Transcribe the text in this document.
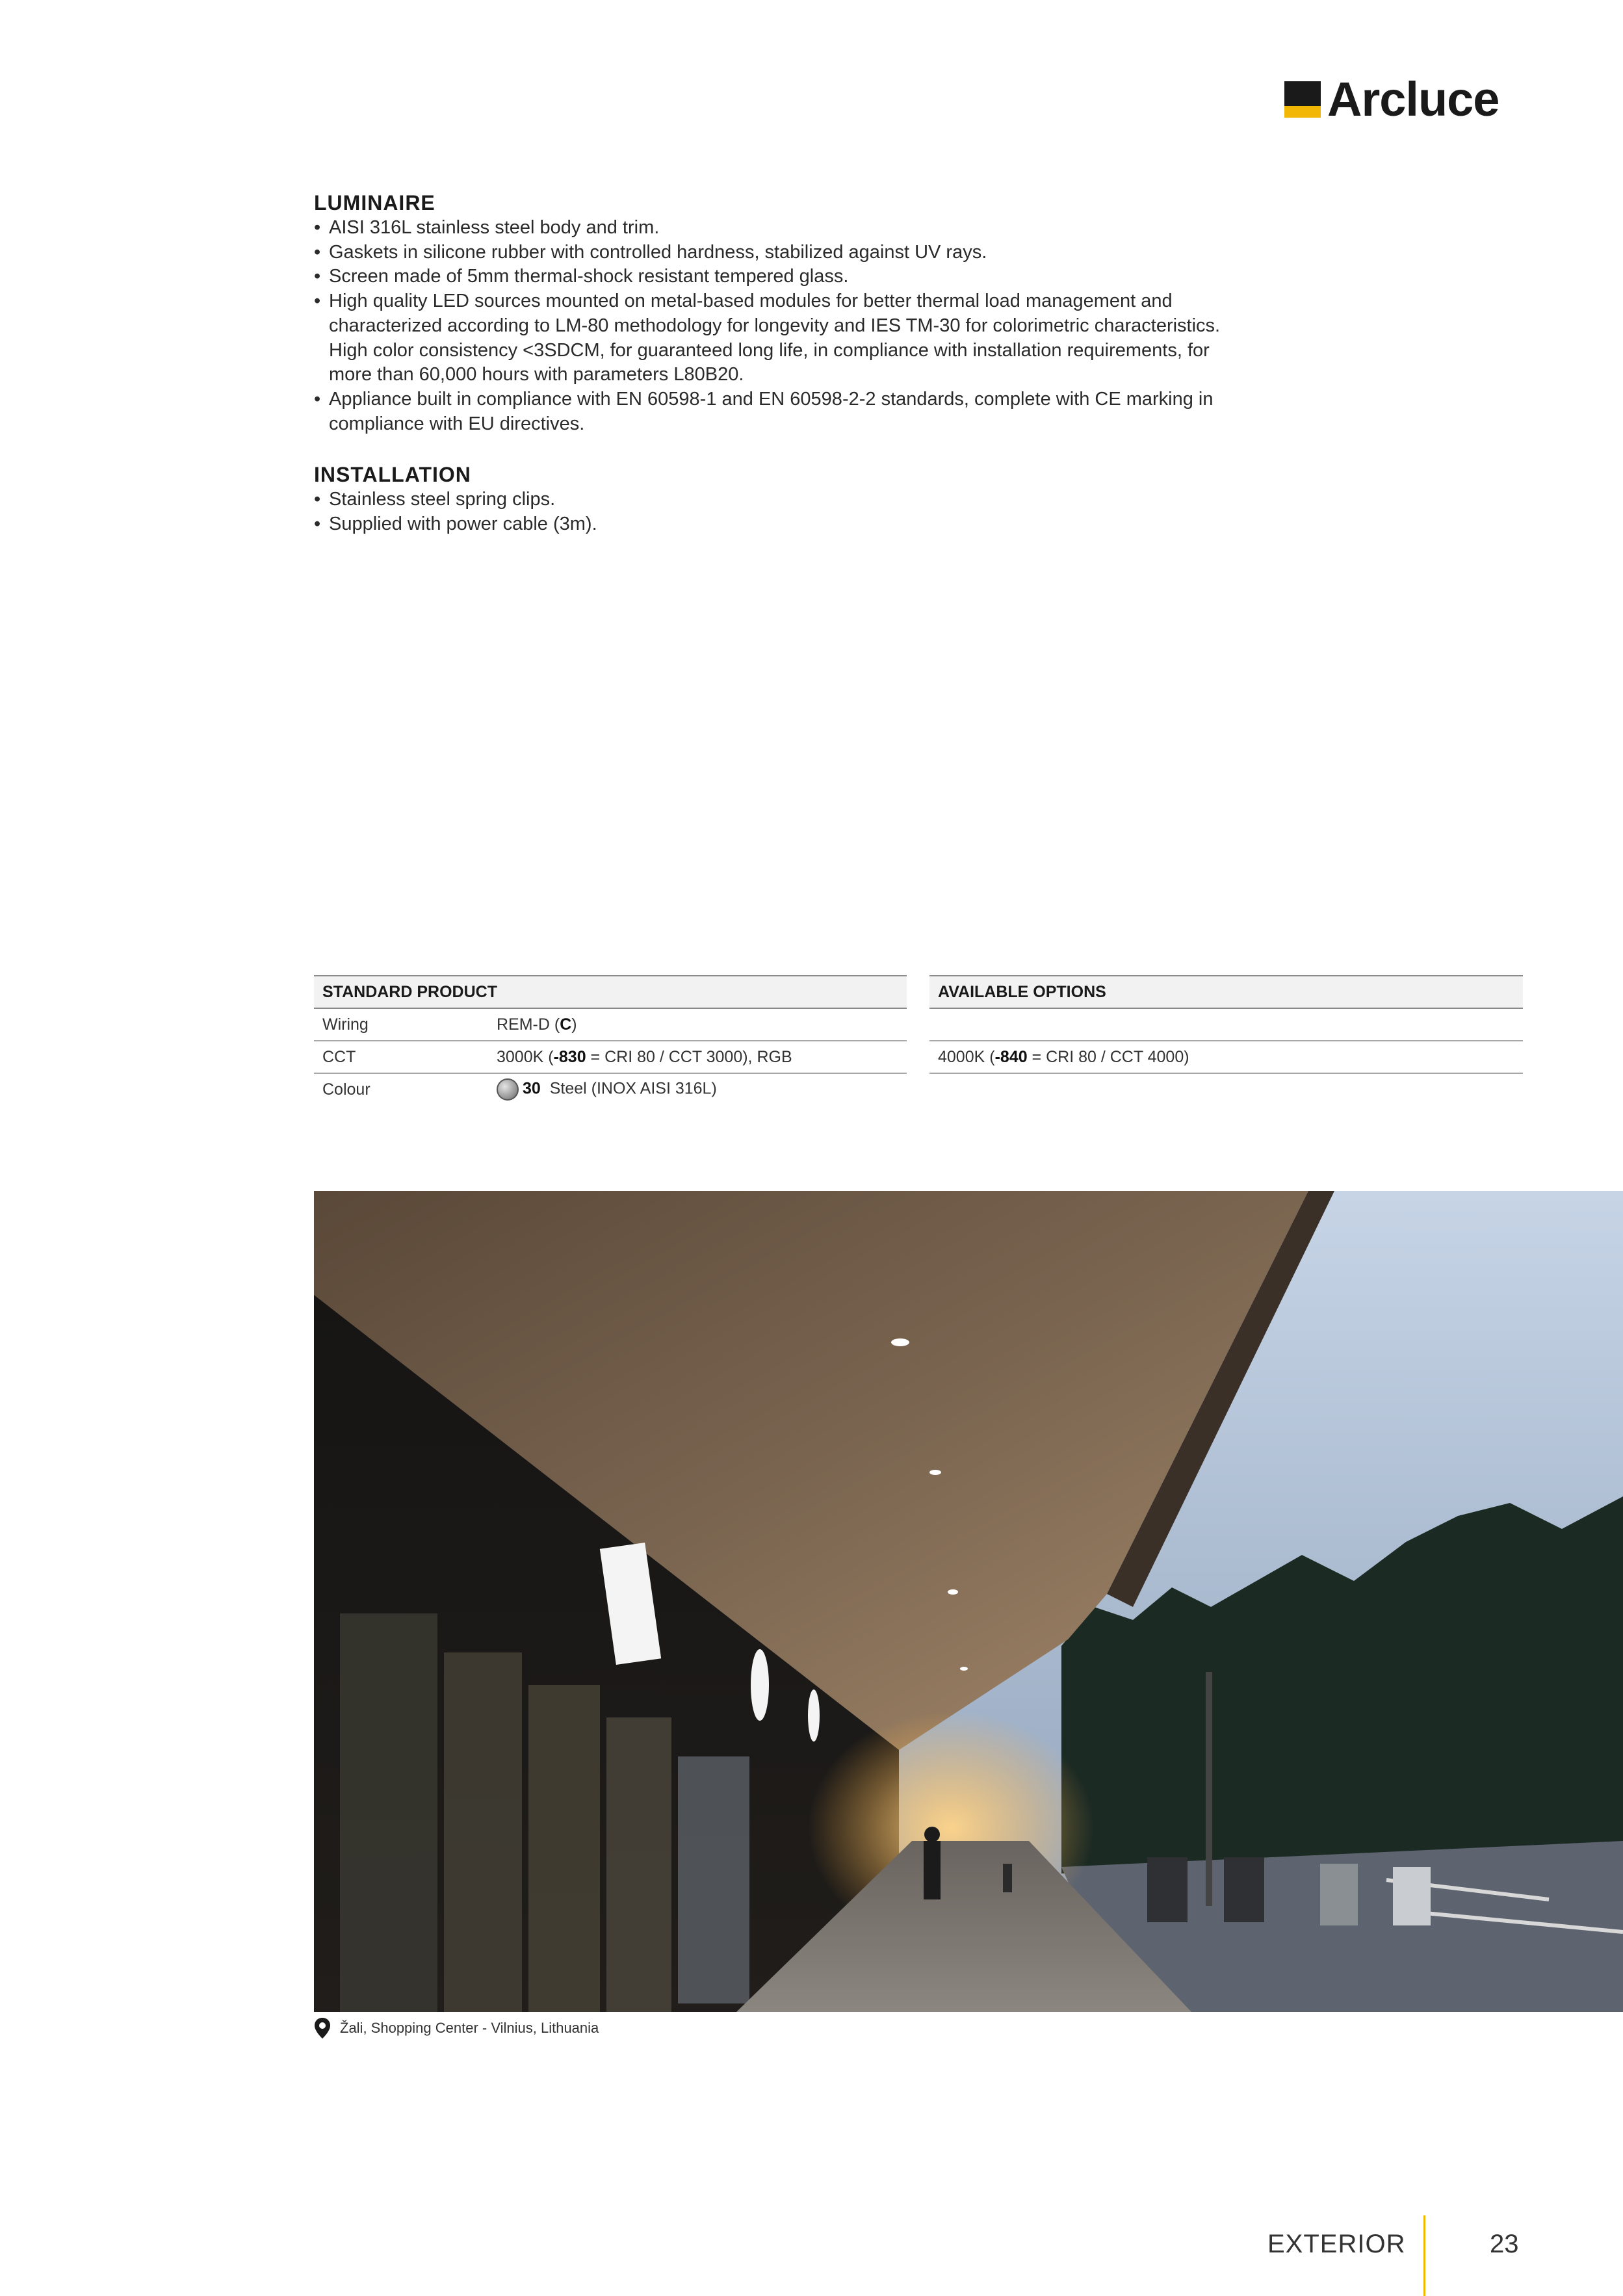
Arcluce
LUMINAIRE
• AISI 316L stainless steel body and trim.
• Gaskets in silicone rubber with controlled hardness, stabilized against UV rays.
• Screen made of 5mm thermal-shock resistant tempered glass.
• High quality LED sources mounted on metal-based modules for better thermal load management and
characterized according to LM-80 methodology for longevity and IES TM-30 for colorimetric characteristics.
High color consistency <3SDCM, for guaranteed long life, in compliance with installation requirements, for
more than 60,000 hours with parameters L80B20.
• Appliance built in compliance with EN 60598-1 and EN 60598-2-2 standards, complete with CE marking in
compliance with EU directives.
INSTALLATION
• Stainless steel spring clips.
• Supplied with power cable (3m).
STANDARD PRODUCT	
Wiring	REM-D (C)
CCT	3000K (-830 = CRI 80 / CCT 3000), RGB
Colour	30 Steel (INOX AISI 316L)
AVAILABLE OPTIONS

4000K (-840 = CRI 80 / CCT 4000)
Žali, Shopping Center - Vilnius, Lithuania
EXTERIOR	23
